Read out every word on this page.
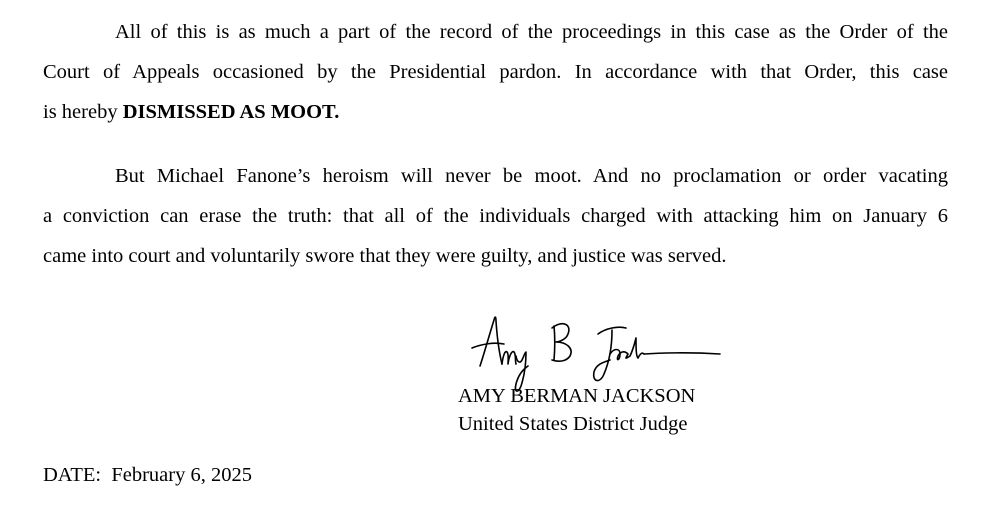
All of this is as much a part of the record of the proceedings in this case as the Order of the
Court of Appeals occasioned by the Presidential pardon. In accordance with that Order, this case
is hereby DISMISSED AS MOOT.
But Michael Fanone’s heroism will never be moot. And no proclamation or order vacating
a conviction can erase the truth: that all of the individuals charged with attacking him on January 6
came into court and voluntarily swore that they were guilty, and justice was served.
AMY BERMAN JACKSON
United States District Judge
DATE: February 6, 2025
